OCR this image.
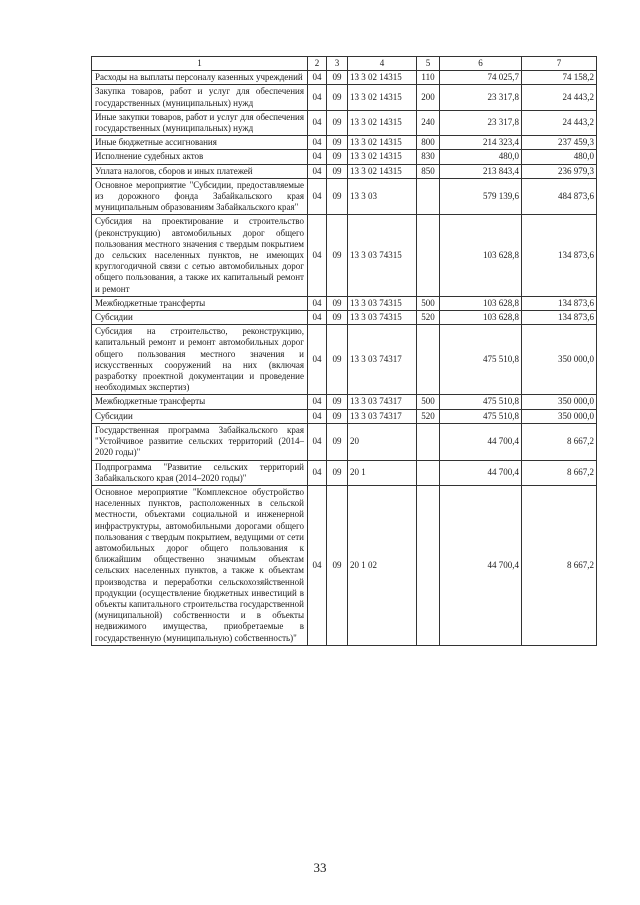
1	2	3	4	5	6	7
Расходы на выплаты персоналу казенных учреждений	04	09	13 3 02 14315	110	74 025,7	74 158,2
Закупка товаров, работ и услуг для обеспечения государственных (муниципальных) нужд	04	09	13 3 02 14315	200	23 317,8	24 443,2
Иные закупки товаров, работ и услуг для обеспечения государственных (муниципальных) нужд	04	09	13 3 02 14315	240	23 317,8	24 443,2
Иные бюджетные ассигнования	04	09	13 3 02 14315	800	214 323,4	237 459,3
Исполнение судебных актов	04	09	13 3 02 14315	830	480,0	480,0
Уплата налогов, сборов и иных платежей	04	09	13 3 02 14315	850	213 843,4	236 979,3
Основное мероприятие "Субсидии, предоставляемые из дорожного фонда Забайкальского края муниципальным образованиям Забайкальского края"	04	09	13 3 03		579 139,6	484 873,6
Субсидия на проектирование и строительство (реконструкцию) автомобильных дорог общего пользования местного значения с твердым покрытием до сельских населенных пунктов, не имеющих круглогодичной связи с сетью автомобильных дорог общего пользования, а также их капитальный ремонт и ремонт	04	09	13 3 03 74315		103 628,8	134 873,6
Межбюджетные трансферты	04	09	13 3 03 74315	500	103 628,8	134 873,6
Субсидии	04	09	13 3 03 74315	520	103 628,8	134 873,6
Субсидия на строительство, реконструкцию, капитальный ремонт и ремонт автомобильных дорог общего пользования местного значения и искусственных сооружений на них (включая разработку проектной документации и проведение необходимых экспертиз)	04	09	13 3 03 74317		475 510,8	350 000,0
Межбюджетные трансферты	04	09	13 3 03 74317	500	475 510,8	350 000,0
Субсидии	04	09	13 3 03 74317	520	475 510,8	350 000,0
Государственная программа Забайкальского края "Устойчивое развитие сельских территорий (2014–2020 годы)"	04	09	20		44 700,4	8 667,2
Подпрограмма "Развитие сельских территорий Забайкальского края (2014–2020 годы)"	04	09	20 1		44 700,4	8 667,2
Основное мероприятие "Комплексное обустройство населенных пунктов, расположенных в сельской местности, объектами социальной и инженерной инфраструктуры, автомобильными дорогами общего пользования с твердым покрытием, ведущими от сети автомобильных дорог общего пользования к ближайшим общественно значимым объектам сельских населенных пунктов, а также к объектам производства и переработки сельскохозяйственной продукции (осуществление бюджетных инвестиций в объекты капитального строительства государственной (муниципальной) собственности и в объекты недвижимого имущества, приобретаемые в государственную (муниципальную) собственность)"	04	09	20 1 02		44 700,4	8 667,2
33
